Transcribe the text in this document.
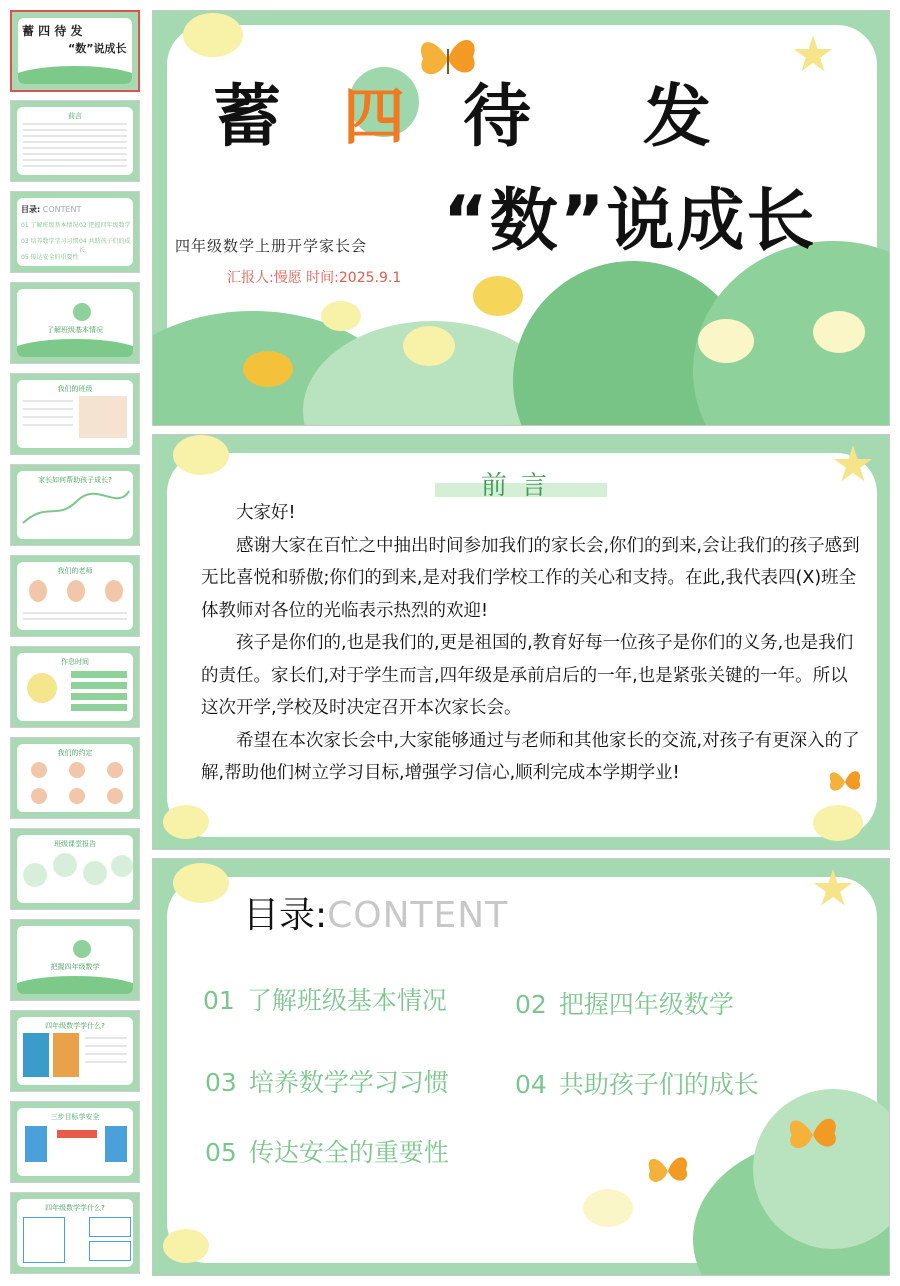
蓄 四 待 发
“数”说成长
前言
目录: CONTENT
01 了解班级基本情况 02 把握四年级数学
03 培养数学学习习惯 04 共助孩子们的成长
05 传达安全的重要性
了解班级基本情况
我们的班级
家长如何帮助孩子成长?
我们的老师
作息时间
我们的约定
班级课堂报告
把握四年级数学
四年级数学学什么?
三步目标学安全
四年级数学学什么?
蓄 四 待 发
“数”说成长
四年级数学上册开学家长会
汇报人:慢愿 时间:2025.9.1
前言

大家好!

感谢大家在百忙之中抽出时间参加我们的家长会,你们的到来,会让我们的孩子感到无比喜悦和骄傲;你们的到来,是对我们学校工作的关心和支持。在此,我代表四(X)班全体教师对各位的光临表示热烈的欢迎!

孩子是你们的,也是我们的,更是祖国的,教育好每一位孩子是你们的义务,也是我们的责任。家长们,对于学生而言,四年级是承前启后的一年,也是紧张关键的一年。所以这次开学,学校及时决定召开本次家长会。

希望在本次家长会中,大家能够通过与老师和其他家长的交流,对孩子有更深入的了解,帮助他们树立学习目标,增强学习信心,顺利完成本学期学业!

目录:CONTENT
01 了解班级基本情况	02 把握四年级数学
03 培养数学学习习惯	04 共助孩子们的成长
05 传达安全的重要性
